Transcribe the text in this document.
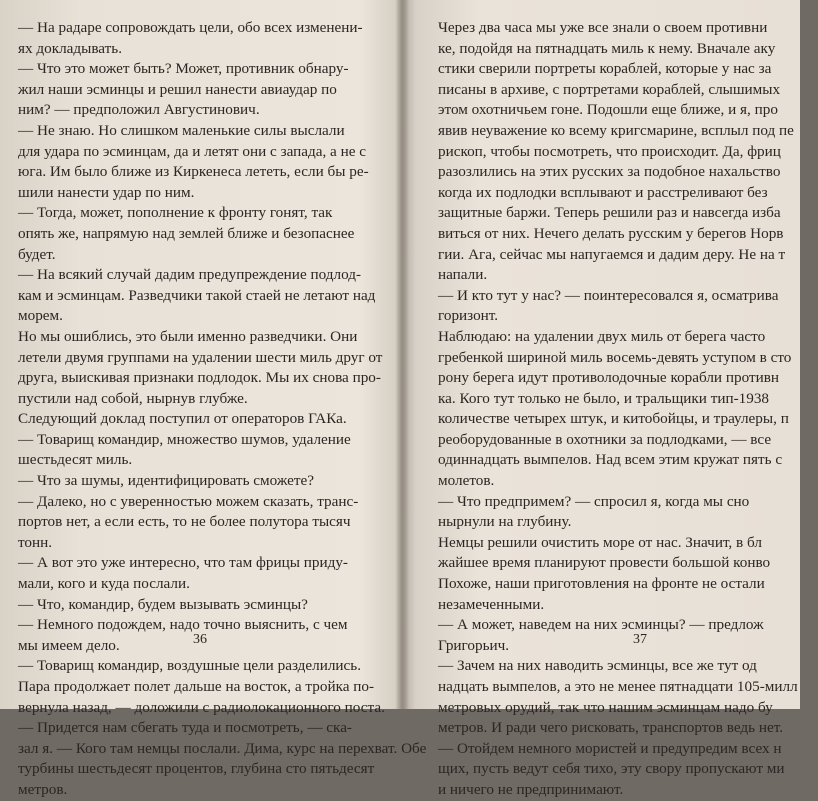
— На радаре сопровождать цели, обо всех изменени-

ях докладывать.

— Что это может быть? Может, противник обнару-

жил наши эсминцы и решил нанести авиаудар по

ним? — предположил Августинович.

— Не знаю. Но слишком маленькие силы выслали

для удара по эсминцам, да и летят они с запада, а не с

юга. Им было ближе из Киркенеса лететь, если бы ре-

шили нанести удар по ним.

— Тогда, может, пополнение к фронту гонят, так

опять же, напрямую над землей ближе и безопаснее

будет.

— На всякий случай дадим предупреждение подлод-

кам и эсминцам. Разведчики такой стаей не летают над

морем.

Но мы ошиблись, это были именно разведчики. Они

летели двумя группами на удалении шести миль друг от

друга, выискивая признаки подлодок. Мы их снова про-

пустили над собой, нырнув глубже.

Следующий доклад поступил от операторов ГАКа.

— Товарищ командир, множество шумов, удаление

шестьдесят миль.

— Что за шумы, идентифицировать сможете?

— Далеко, но с уверенностью можем сказать, транс-

портов нет, а если есть, то не более полутора тысяч

тонн.

— А вот это уже интересно, что там фрицы приду-

мали, кого и куда послали.

— Что, командир, будем вызывать эсминцы?

— Немного подождем, надо точно выяснить, с чем

мы имеем дело.

— Товарищ командир, воздушные цели разделились.

Пара продолжает полет дальше на восток, а тройка по-

вернула назад, — доложили с радиолокационного поста.

— Придется нам сбегать туда и посмотреть, — ска-

зал я. — Кого там немцы послали. Дима, курс на перехват. Обе

турбины шестьдесят процентов, глубина сто пятьдесят

метров.

36

Через два часа мы уже все знали о своем противни

ке, подойдя на пятнадцать миль к нему. Вначале аку

стики сверили портреты кораблей, которые у нас за

писаны в архиве, с портретами кораблей, слышимых

этом охотничьем гоне. Подошли еще ближе, и я, про

явив неуважение ко всему кригсмарине, всплыл под пе

рископ, чтобы посмотреть, что происходит. Да, фриц

разозлились на этих русских за подобное нахальство

когда их подлодки всплывают и расстреливают без

защитные баржи. Теперь решили раз и навсегда изба

виться от них. Нечего делать русским у берегов Норв

гии. Ага, сейчас мы напугаемся и дадим деру. Не на т

напали.

— И кто тут у нас? — поинтересовался я, осматрива

горизонт.

Наблюдаю: на удалении двух миль от берега часто

гребенкой шириной миль восемь-девять уступом в сто

рону берега идут противолодочные корабли противн

ка. Кого тут только не было, и тральщики тип-1938

количестве четырех штук, и китобойцы, и траулеры, п

реоборудованные в охотники за подлодками, — все

одиннадцать вымпелов. Над всем этим кружат пять с

молетов.

— Что предпримем? — спросил я, когда мы сно

нырнули на глубину.

Немцы решили очистить море от нас. Значит, в бл

жайшее время планируют провести большой конво

Похоже, наши приготовления на фронте не остали

незамеченными.

— А может, наведем на них эсминцы? — предлож

Григорьич.

— Зачем на них наводить эсминцы, все же тут од

надцать вымпелов, а это не менее пятнадцати 105-милл

метровых орудий, так что нашим эсминцам надо бу

метров. И ради чего рисковать, транспортов ведь нет.

— Отойдем немного мористей и предупредим всех н

щих, пусть ведут себя тихо, эту свору пропускают ми

и ничего не предпринимают.

37
